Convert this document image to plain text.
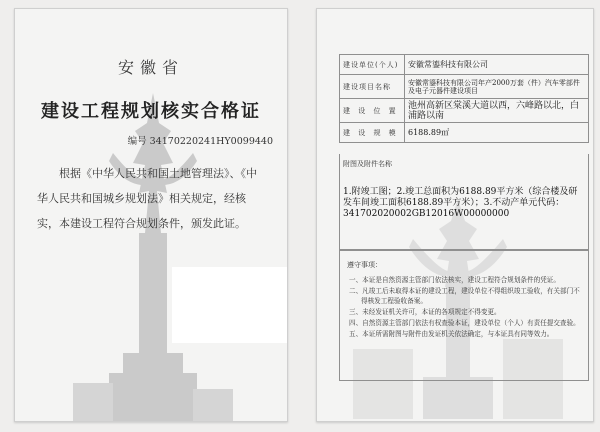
安徽省
建设工程规划核实合格证
编号 34170220241HY0099440
根据《中华人民共和国土地管理法》、《中华人民共和国城乡规划法》相关规定，经核实，本建设工程符合规划条件，颁发此证。
建设单位(个人)	安徽常鎏科技有限公司
建设项目名称	安徽常鎏科技有限公司年产2000万套（件）汽车零部件及电子元器件建设项目
建 设 位 置	池州高新区棠溪大道以西，六峰路以北，白浦路以南
建 设 规 模	6188.89㎡
附图及附件名称
1.附竣工图；2.竣工总面积为6188.89平方米（综合楼及研发车间竣工面积6188.89平方米）；3.不动产单元代码：341702020002GB12016W00000000
遵守事项：
一、本证是自然资源主管部门依法核实，建设工程符合规划条件的凭证。
二、凡竣工后未取得本证的建设工程，建设单位不得组织竣工验收，有关部门不得核发工程验收备案。
三、未经发证机关许可，本证的各项规定不得变更。
四、自然资源主管部门依法有权查验本证，建设单位（个人）有责任提交查验。
五、本证所需附图与附件由发证机关依法确定，与本证具有同等效力。
